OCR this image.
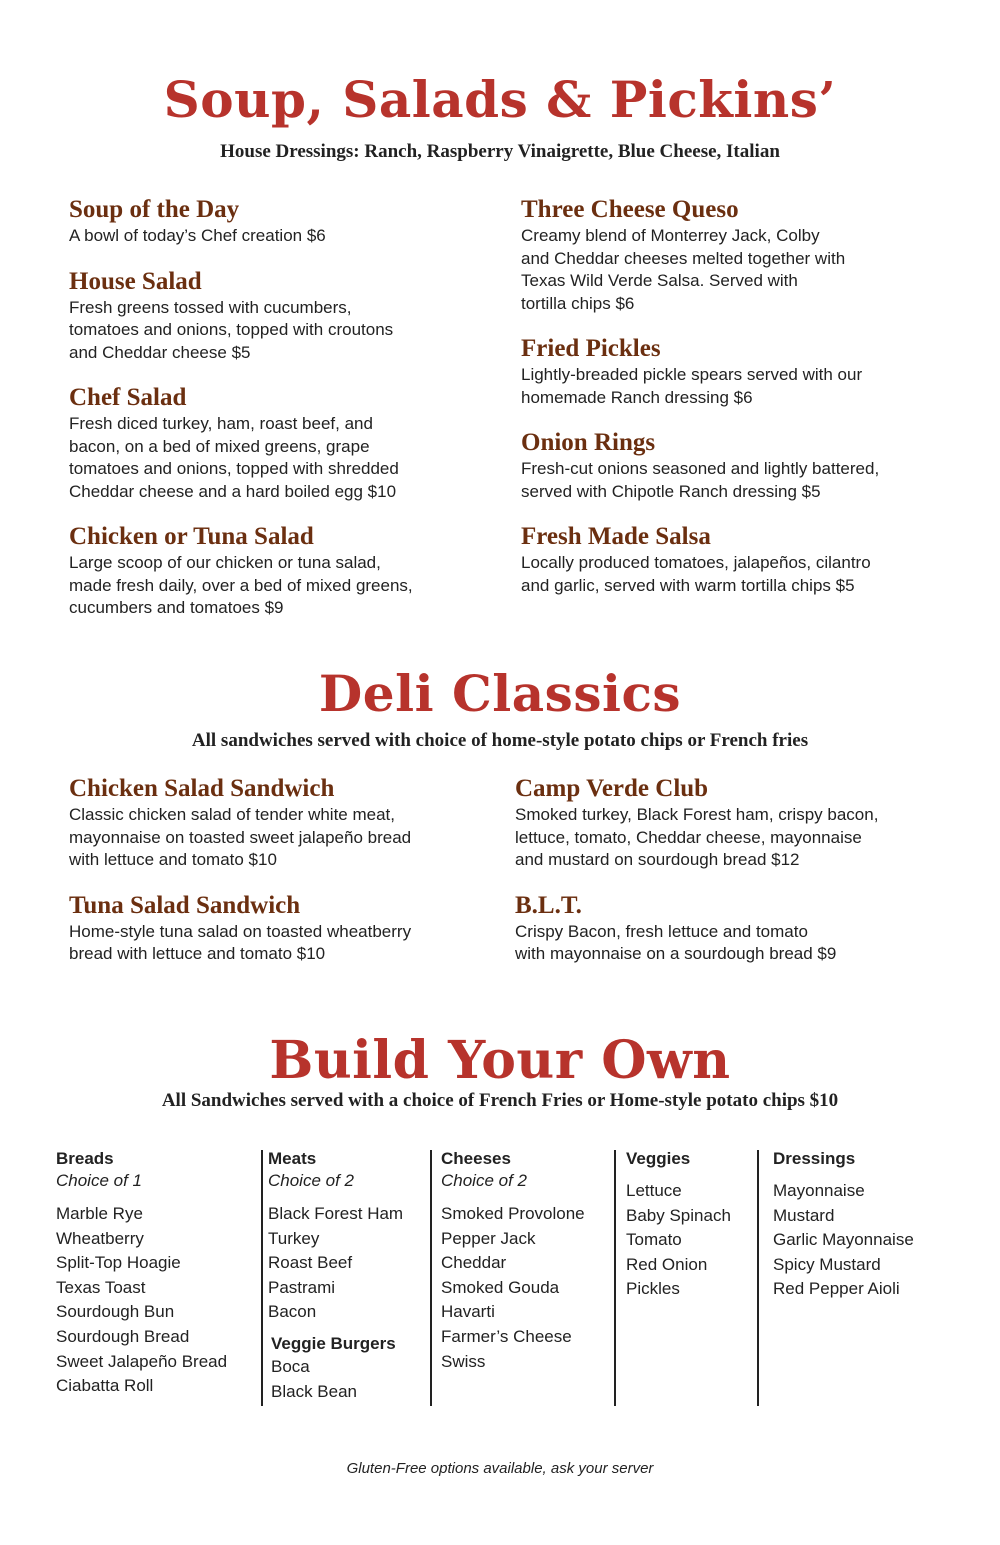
Soup, Salads & Pickins’

House Dressings: Ranch, Raspberry Vinaigrette, Blue Cheese, Italian

Soup of the Day

A bowl of today’s Chef creation $6

House Salad

Fresh greens tossed with cucumbers,
tomatoes and onions, topped with croutons
and Cheddar cheese $5

Chef Salad

Fresh diced turkey, ham, roast beef, and
bacon, on a bed of mixed greens, grape
tomatoes and onions, topped with shredded
Cheddar cheese and a hard boiled egg $10

Chicken or Tuna Salad

Large scoop of our chicken or tuna salad,
made fresh daily, over a bed of mixed greens,
cucumbers and tomatoes $9

Three Cheese Queso

Creamy blend of Monterrey Jack, Colby
and Cheddar cheeses melted together with
Texas Wild Verde Salsa. Served with
tortilla chips $6

Fried Pickles

Lightly-breaded pickle spears served with our
homemade Ranch dressing $6

Onion Rings

Fresh-cut onions seasoned and lightly battered,
served with Chipotle Ranch dressing $5

Fresh Made Salsa

Locally produced tomatoes, jalapeños, cilantro
and garlic, served with warm tortilla chips $5

Deli Classics

All sandwiches served with choice of home-style potato chips or French fries

Chicken Salad Sandwich

Classic chicken salad of tender white meat,
mayonnaise on toasted sweet jalapeño bread
with lettuce and tomato $10

Tuna Salad Sandwich

Home-style tuna salad on toasted wheatberry
bread with lettuce and tomato $10

Camp Verde Club

Smoked turkey, Black Forest ham, crispy bacon,
lettuce, tomato, Cheddar cheese, mayonnaise
and mustard on sourdough bread $12

B.L.T.

Crispy Bacon, fresh lettuce and tomato
with mayonnaise on a sourdough bread $9

Build Your Own

All Sandwiches served with a choice of French Fries or Home-style potato chips $10

Breads

Choice of 1

Marble Rye
Wheatberry
Split-Top Hoagie
Texas Toast
Sourdough Bun
Sourdough Bread
Sweet Jalapeño Bread
Ciabatta Roll

Meats

Choice of 2

Black Forest Ham
Turkey
Roast Beef
Pastrami
Bacon

Veggie Burgers

Boca
Black Bean

Cheeses

Choice of 2

Smoked Provolone
Pepper Jack
Cheddar
Smoked Gouda
Havarti
Farmer’s Cheese
Swiss

Veggies

Lettuce
Baby Spinach
Tomato
Red Onion
Pickles

Dressings

Mayonnaise
Mustard
Garlic Mayonnaise
Spicy Mustard
Red Pepper Aioli

Gluten-Free options available, ask your server
